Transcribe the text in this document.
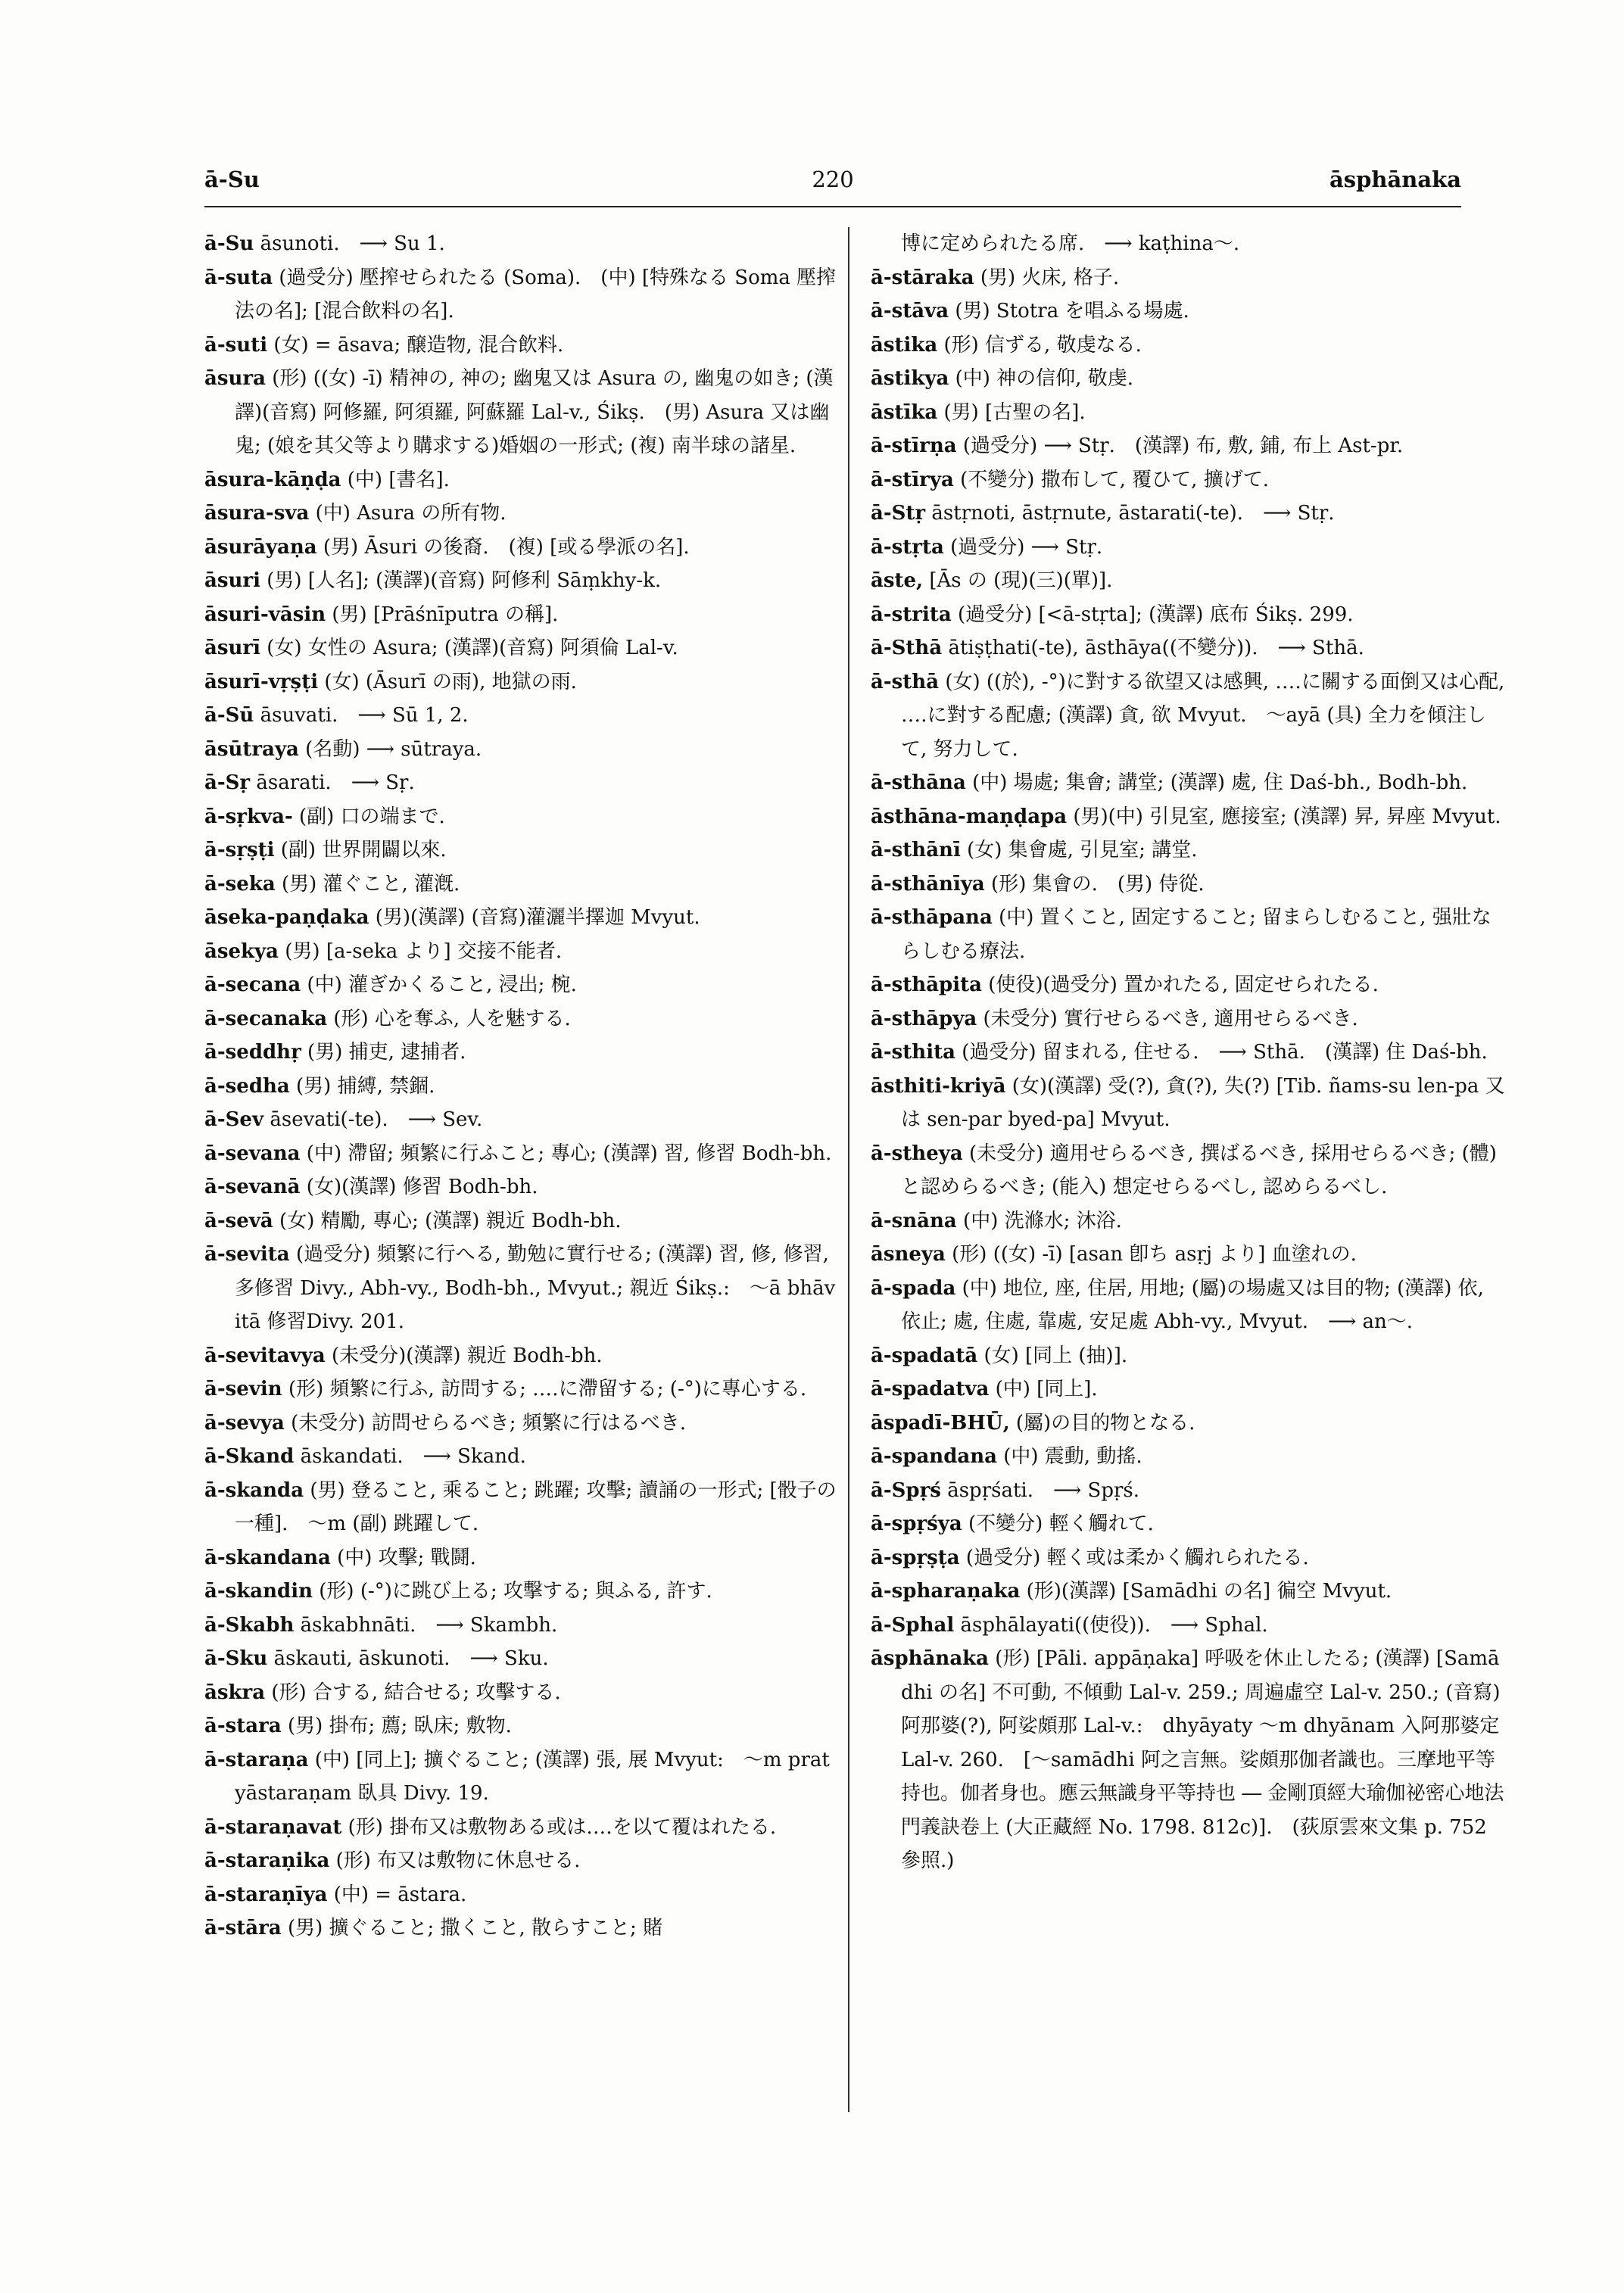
ā-Su	220	āsphānaka

ā-Su āsunoti.　⟶ Su 1.

ā-suta (過受分) 壓搾せられたる (Soma).　(中) [特殊なる Soma 壓搾法の名]; [混合飲料の名].

ā-suti (女) = āsava; 醸造物, 混合飲料.

āsura (形) ((女) -ī) 精神の, 神の; 幽鬼又は Asura の, 幽鬼の如き; (漢譯)(音寫) 阿修羅, 阿須羅, 阿蘇羅 Lal-v., Śikṣ.　(男) Asura 又は幽鬼; (娘を其父等より購求する)婚姻の一形式; (複) 南半球の諸星.

āsura-kāṇḍa (中) [書名].

āsura-sva (中) Asura の所有物.

āsurāyaṇa (男) Āsuri の後裔.　(複) [或る學派の名].

āsuri (男) [人名]; (漢譯)(音寫) 阿修利 Sāṃkhy-k.

āsuri-vāsin (男) [Prāśnīputra の稱].

āsurī (女) 女性の Asura; (漢譯)(音寫) 阿須倫 Lal-v.

āsurī-vṛṣṭi (女) (Āsurī の雨), 地獄の雨.

ā-Sū āsuvati.　⟶ Sū 1, 2.

āsūtraya (名動) ⟶ sūtraya.

ā-Sṛ āsarati.　⟶ Sṛ.

ā-sṛkva- (副) 口の端まで.

ā-sṛṣṭi (副) 世界開闢以來.

ā-seka (男) 灌ぐこと, 灌漑.

āseka-paṇḍaka (男)(漢譯) (音寫)灌灑半擇迦 Mvyut.

āsekya (男) [a-seka より] 交接不能者.

ā-secana (中) 灌ぎかくること, 浸出; 椀.

ā-secanaka (形) 心を奪ふ, 人を魅する.

ā-seddhṛ (男) 捕吏, 逮捕者.

ā-sedha (男) 捕縛, 禁錮.

ā-Sev āsevati(-te).　⟶ Sev.

ā-sevana (中) 滯留; 頻繁に行ふこと; 專心; (漢譯) 習, 修習 Bodh-bh.

ā-sevanā (女)(漢譯) 修習 Bodh-bh.

ā-sevā (女) 精勵, 專心; (漢譯) 親近 Bodh-bh.

ā-sevita (過受分) 頻繁に行へる, 勤勉に實行せる; (漢譯) 習, 修, 修習, 多修習 Divy., Abh-vy., Bodh-bh., Mvyut.; 親近 Śikṣ.:　〜ā bhāvitā 修習Divy. 201.

ā-sevitavya (未受分)(漢譯) 親近 Bodh-bh.

ā-sevin (形) 頻繁に行ふ, 訪問する; ‥‥に滯留する; (-°)に專心する.

ā-sevya (未受分) 訪問せらるべき; 頻繁に行はるべき.

ā-Skand āskandati.　⟶ Skand.

ā-skanda (男) 登ること, 乘ること; 跳躍; 攻擊; 讀誦の一形式; [骰子の一種].　〜m (副) 跳躍して.

ā-skandana (中) 攻擊; 戰鬪.

ā-skandin (形) (-°)に跳び上る; 攻擊する; 與ふる, 許す.

ā-Skabh āskabhnāti.　⟶ Skambh.

ā-Sku āskauti, āskunoti.　⟶ Sku.

āskra (形) 合する, 結合せる; 攻擊する.

ā-stara (男) 掛布; 薦; 臥床; 敷物.

ā-staraṇa (中) [同上]; 擴ぐること; (漢譯) 張, 展 Mvyut:　〜m pratyāstaraṇam 臥具 Divy. 19.

ā-staraṇavat (形) 掛布又は敷物ある或は‥‥を以て覆はれたる.

ā-staraṇika (形) 布又は敷物に休息せる.

ā-staraṇīya (中) = āstara.

ā-stāra (男) 擴ぐること; 撒くこと, 散らすこと; 賭

博に定められたる席.　⟶ kaṭhina〜.

ā-stāraka (男) 火床, 格子.

ā-stāva (男) Stotra を唱ふる場處.

āstika (形) 信ずる, 敬虔なる.

āstikya (中) 神の信仰, 敬虔.

āstīka (男) [古聖の名].

ā-stīrṇa (過受分) ⟶ Stṛ.　(漢譯) 布, 敷, 鋪, 布上 Ast-pr.

ā-stīrya (不變分) 撒布して, 覆ひて, 擴げて.

ā-Stṛ āstṛnoti, āstṛnute, āstarati(-te).　⟶ Stṛ.

ā-stṛta (過受分) ⟶ Stṛ.

āste, [Ās の (現)(三)(單)].

ā-strita (過受分) [<ā-stṛta]; (漢譯) 底布 Śikṣ. 299.

ā-Sthā ātiṣṭhati(-te), āsthāya((不變分)).　⟶ Sthā.

ā-sthā (女) ((於), -°)に對する欲望又は感興, ‥‥に關する面倒又は心配, ‥‥に對する配慮; (漢譯) 貪, 欲 Mvyut.　〜ayā (具) 全力を傾注して, 努力して.

ā-sthāna (中) 場處; 集會; 講堂; (漢譯) 處, 住 Daś-bh., Bodh-bh.

āsthāna-maṇḍapa (男)(中) 引見室, 應接室; (漢譯) 昇, 昇座 Mvyut.

ā-sthānī (女) 集會處, 引見室; 講堂.

ā-sthānīya (形) 集會の.　(男) 侍從.

ā-sthāpana (中) 置くこと, 固定すること; 留まらしむること, 强壯ならしむる療法.

ā-sthāpita (使役)(過受分) 置かれたる, 固定せられたる.

ā-sthāpya (未受分) 實行せらるべき, 適用せらるべき.

ā-sthita (過受分) 留まれる, 住せる.　⟶ Sthā.　(漢譯) 住 Daś-bh.

āsthiti-kriyā (女)(漢譯) 受(?), 貪(?), 失(?) [Tib. ñams-su len-pa 又は sen-par byed-pa] Mvyut.

ā-stheya (未受分) 適用せらるべき, 撰ばるべき, 採用せらるべき; (體)と認めらるべき; (能入) 想定せらるべし, 認めらるべし.

ā-snāna (中) 洗滌水; 沐浴.

āsneya (形) ((女) -ī) [asan 卽ち asṛj より] 血塗れの.

ā-spada (中) 地位, 座, 住居, 用地; (屬)の場處又は目的物; (漢譯) 依, 依止; 處, 住處, 靠處, 安足處 Abh-vy., Mvyut.　⟶ an〜.

ā-spadatā (女) [同上 (抽)].

ā-spadatva (中) [同上].

āspadī-BHŪ, (屬)の目的物となる.

ā-spandana (中) 震動, 動搖.

ā-Spṛś āspṛśati.　⟶ Spṛś.

ā-spṛśya (不變分) 輕く觸れて.

ā-spṛṣṭa (過受分) 輕く或は柔かく觸れられたる.

ā-spharaṇaka (形)(漢譯) [Samādhi の名] 徧空 Mvyut.

ā-Sphal āsphālayati((使役)).　⟶ Sphal.

āsphānaka (形) [Pāli. appāṇaka] 呼吸を休止したる; (漢譯) [Samādhi の名] 不可動, 不傾動 Lal-v. 259.; 周遍虛空 Lal-v. 250.; (音寫) 阿那婆(?), 阿娑頗那 Lal-v.:　dhyāyaty 〜m dhyānam 入阿那婆定 Lal-v. 260.　[〜samādhi 阿之言無。娑頗那伽者識也。三摩地平等持也。伽者身也。應云無識身平等持也 ― 金剛頂經大瑜伽祕密心地法門義訣卷上 (大正藏經 No. 1798. 812c)].　(荻原雲來文集 p. 752 參照.)
